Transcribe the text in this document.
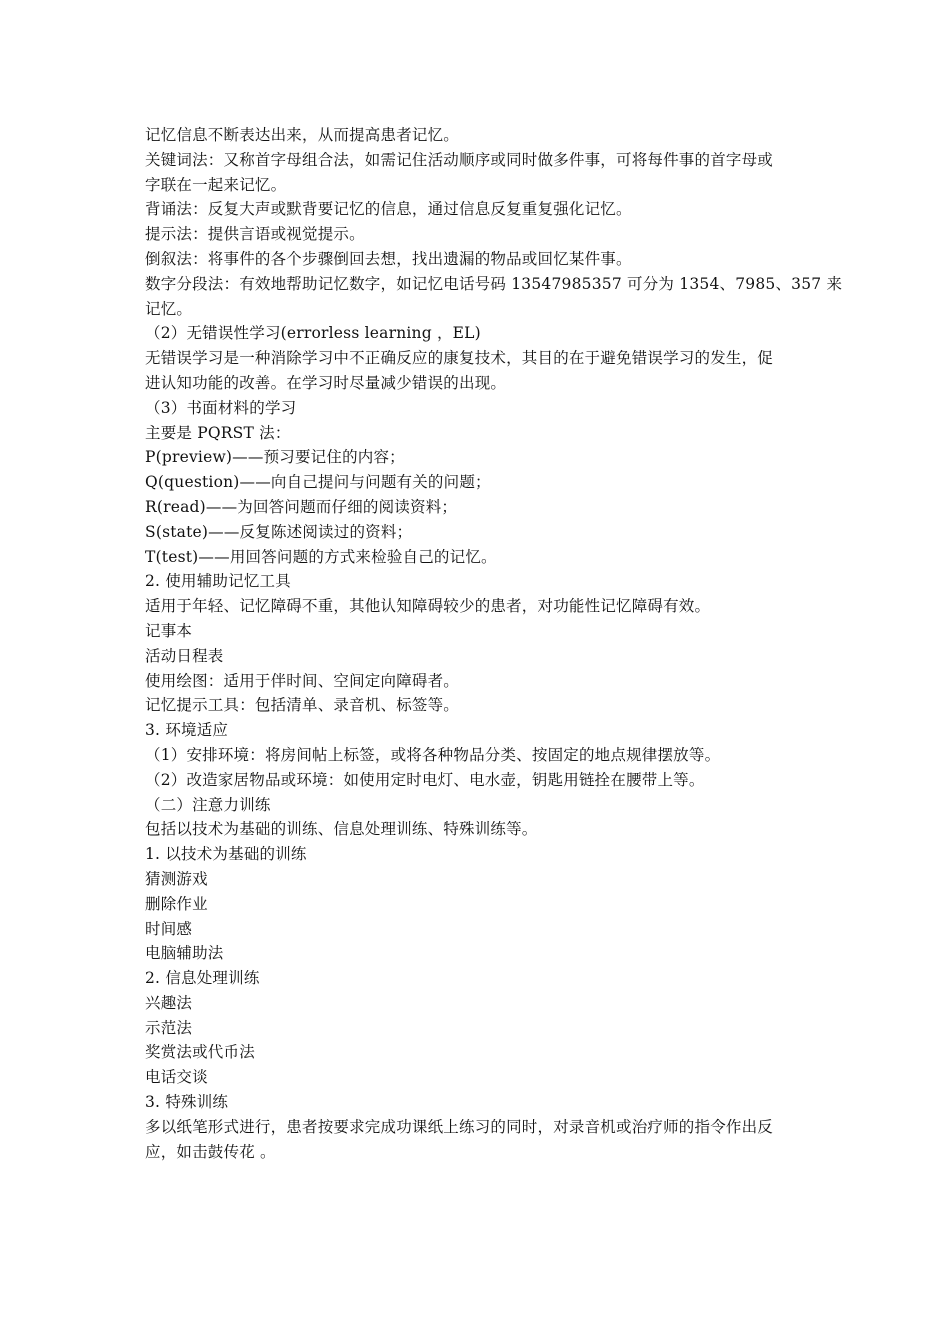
记忆信息不断表达出来，从而提高患者记忆。
关键词法：又称首字母组合法，如需记住活动顺序或同时做多件事，可将每件事的首字母或
字联在一起来记忆。
背诵法：反复大声或默背要记忆的信息，通过信息反复重复强化记忆。
提示法：提供言语或视觉提示。
倒叙法：将事件的各个步骤倒回去想，找出遗漏的物品或回忆某件事。
数字分段法：有效地帮助记忆数字，如记忆电话号码 13547985357 可分为 1354、7985、357 来
记忆。
（2）无错误性学习(errorless learning ，EL)
无错误学习是一种消除学习中不正确反应的康复技术，其目的在于避免错误学习的发生，促
进认知功能的改善。在学习时尽量减少错误的出现。
（3）书面材料的学习
主要是 PQRST 法：
P(preview)——预习要记住的内容；
Q(question)——向自己提问与问题有关的问题；
R(read)——为回答问题而仔细的阅读资料；
S(state)——反复陈述阅读过的资料；
T(test)——用回答问题的方式来检验自己的记忆。
2. 使用辅助记忆工具
适用于年轻、记忆障碍不重，其他认知障碍较少的患者，对功能性记忆障碍有效。
记事本
活动日程表
使用绘图：适用于伴时间、空间定向障碍者。
记忆提示工具：包括清单、录音机、标签等。
3. 环境适应
（1）安排环境：将房间帖上标签，或将各种物品分类、按固定的地点规律摆放等。
（2）改造家居物品或环境：如使用定时电灯、电水壶，钥匙用链拴在腰带上等。
（二）注意力训练
包括以技术为基础的训练、信息处理训练、特殊训练等。
1. 以技术为基础的训练
猜测游戏
删除作业
时间感
电脑辅助法
2. 信息处理训练
兴趣法
示范法
奖赏法或代币法
电话交谈
3. 特殊训练
多以纸笔形式进行，患者按要求完成功课纸上练习的同时，对录音机或治疗师的指令作出反
应，如击鼓传花 。
